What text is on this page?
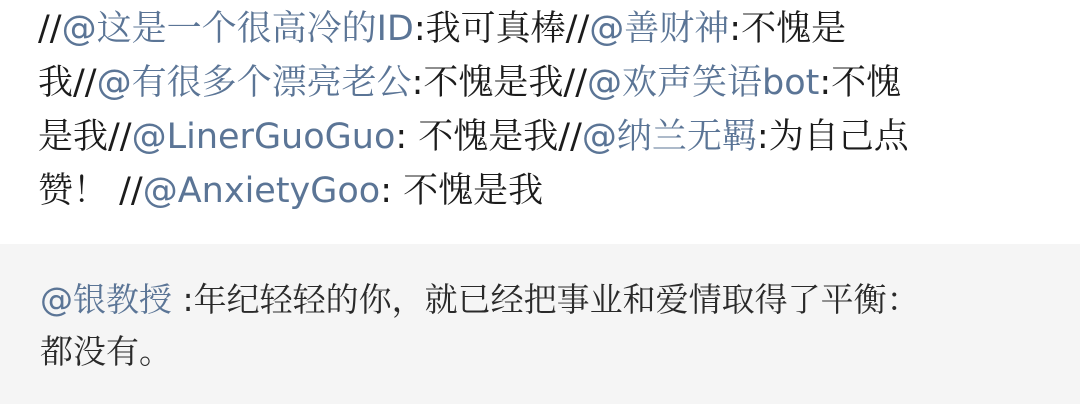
//@这是一个很高冷的ID:我可真棒//@善财神:不愧是
我//@有很多个漂亮老公:不愧是我//@欢声笑语bot:不愧
是我//@LinerGuoGuo: 不愧是我//@纳兰无羁:为自己点
赞！ //@AnxietyGoo: 不愧是我
@银教授 :年纪轻轻的你，就已经把事业和爱情取得了平衡：
都没有。
